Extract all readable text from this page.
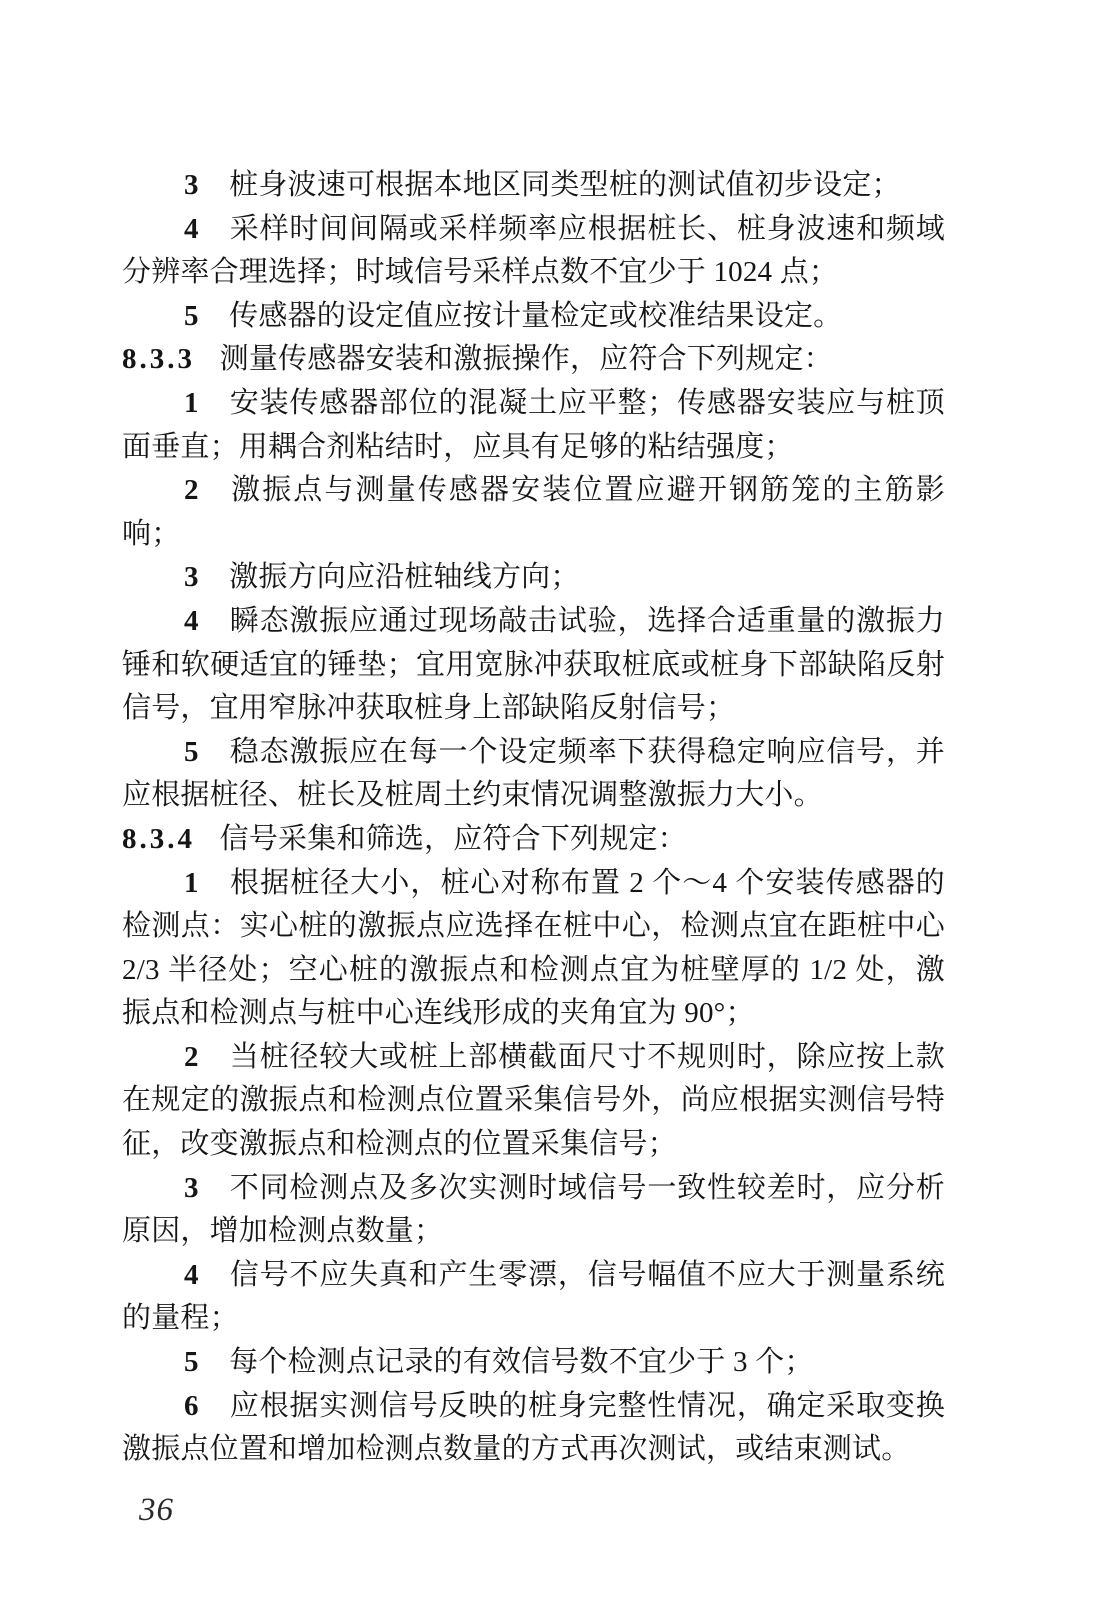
3 桩身波速可根据本地区同类型桩的测试值初步设定；

4 采样时间间隔或采样频率应根据桩长、桩身波速和频域分辨率合理选择；时域信号采样点数不宜少于 1024 点；

5 传感器的设定值应按计量检定或校准结果设定。

8.3.3 测量传感器安装和激振操作，应符合下列规定：

1 安装传感器部位的混凝土应平整；传感器安装应与桩顶面垂直；用耦合剂粘结时，应具有足够的粘结强度；

2 激振点与测量传感器安装位置应避开钢筋笼的主筋影响；

3 激振方向应沿桩轴线方向；

4 瞬态激振应通过现场敲击试验，选择合适重量的激振力锤和软硬适宜的锤垫；宜用宽脉冲获取桩底或桩身下部缺陷反射信号，宜用窄脉冲获取桩身上部缺陷反射信号；

5 稳态激振应在每一个设定频率下获得稳定响应信号，并应根据桩径、桩长及桩周土约束情况调整激振力大小。

8.3.4 信号采集和筛选，应符合下列规定：

1 根据桩径大小，桩心对称布置 2 个～4 个安装传感器的检测点：实心桩的激振点应选择在桩中心，检测点宜在距桩中心 2/3 半径处；空心桩的激振点和检测点宜为桩壁厚的 1/2 处，激振点和检测点与桩中心连线形成的夹角宜为 90°；

2 当桩径较大或桩上部横截面尺寸不规则时，除应按上款在规定的激振点和检测点位置采集信号外，尚应根据实测信号特征，改变激振点和检测点的位置采集信号；

3 不同检测点及多次实测时域信号一致性较差时，应分析原因，增加检测点数量；

4 信号不应失真和产生零漂，信号幅值不应大于测量系统的量程；

5 每个检测点记录的有效信号数不宜少于 3 个；

6 应根据实测信号反映的桩身完整性情况，确定采取变换激振点位置和增加检测点数量的方式再次测试，或结束测试。

36
